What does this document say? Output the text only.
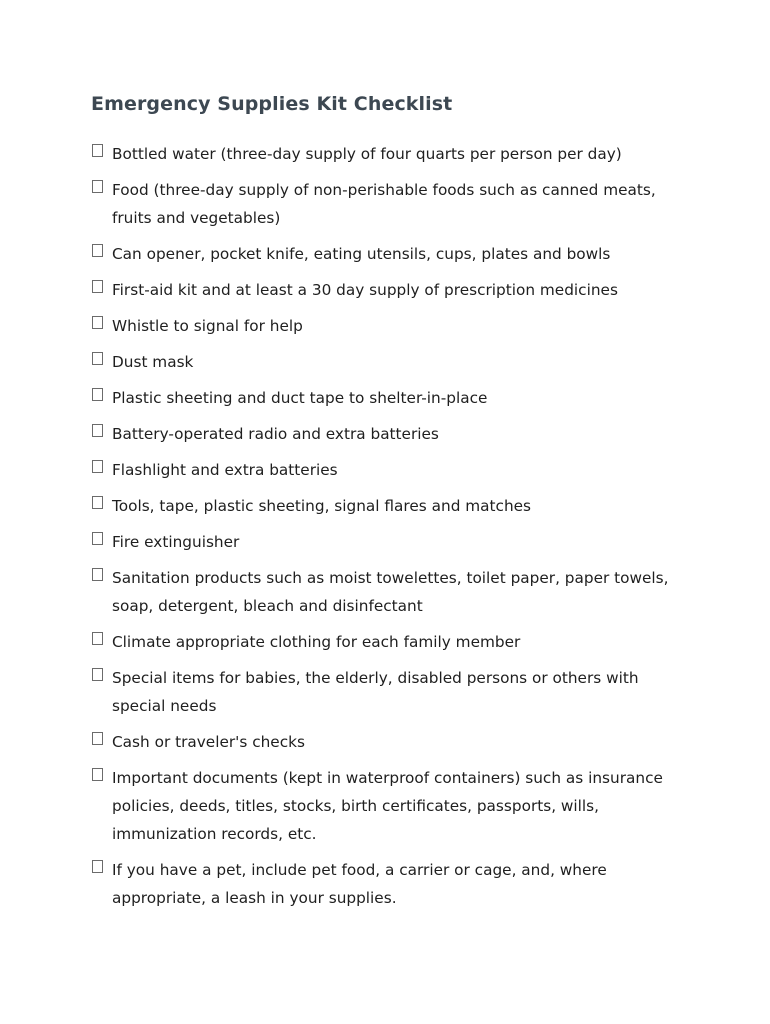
Emergency Supplies Kit Checklist
Bottled water (three-day supply of four quarts per person per day)
Food (three-day supply of non-perishable foods such as canned meats,
fruits and vegetables)
Can opener, pocket knife, eating utensils, cups, plates and bowls
First-aid kit and at least a 30 day supply of prescription medicines
Whistle to signal for help
Dust mask
Plastic sheeting and duct tape to shelter-in-place
Battery-operated radio and extra batteries
Flashlight and extra batteries
Tools, tape, plastic sheeting, signal flares and matches
Fire extinguisher
Sanitation products such as moist towelettes, toilet paper, paper towels,
soap, detergent, bleach and disinfectant
Climate appropriate clothing for each family member
Special items for babies, the elderly, disabled persons or others with
special needs
Cash or traveler's checks
Important documents (kept in waterproof containers) such as insurance
policies, deeds, titles, stocks, birth certificates, passports, wills,
immunization records, etc.
If you have a pet, include pet food, a carrier or cage, and, where
appropriate, a leash in your supplies.
